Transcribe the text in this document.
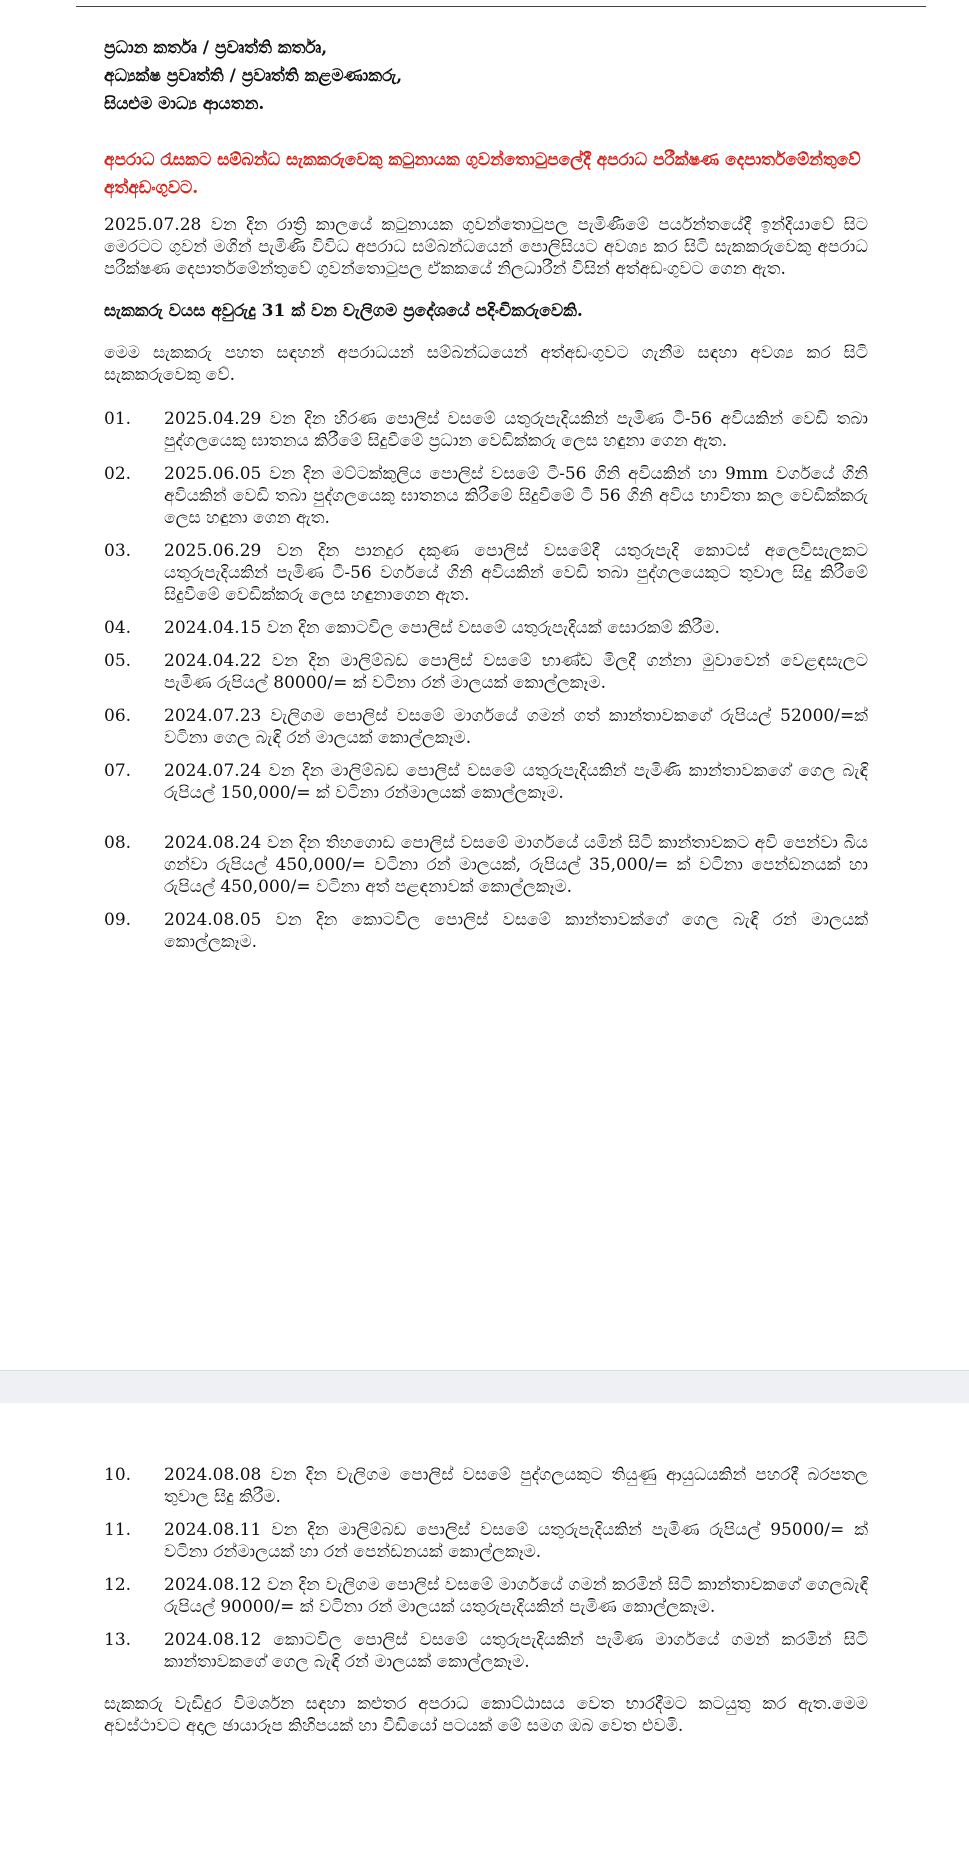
ප්‍රධාන කර්තෘ / ප්‍රවෘත්ති කර්තෘ,

අධ්‍යක්ෂ ප්‍රවෘත්ති / ප්‍රවෘත්ති කළමණාකරු,

සියළුම මාධ්‍ය ආයතන.

අපරාධ රැසකට සම්බන්ධ සැකකරුවෙකු කටුනායක ගුවන්තොටුපලේදී අපරාධ පරීක්ෂණ දෙපාර්තමේන්තුවේ අත්අඩංගුවට.

2025.07.28 වන දින රාත්‍රි කාලයේ කටුනායක ගුවන්තොටුපල පැමිණීමේ පර්යන්තයේදී ඉන්දියාවේ සිට මෙරටට ගුවන් මගින් පැමිණි විවිධ අපරාධ සම්බන්ධයෙන් පොලිසියට අවශ්‍ය කර සිටි සැකකරුවෙකු අපරාධ පරීක්ෂණ දෙපාර්තමේන්තුවේ ගුවන්තොටුපල ඒකකයේ නිලධාරීන් විසින් අත්අඩංගුවට ගෙන ඇත.

සැකකරු වයස අවුරුදු 31 ක් වන වැලිගම ප්‍රදේශයේ පදිංචිකරුවෙකි.

මෙම සැකකරු පහත සඳහන් අපරාධයන් සම්බන්ධයෙන් අත්අඩංගුවට ගැනීම සඳහා අවශ්‍ය කර සිටි සැකකරුවෙකු වේ.

01.	2025.04.29 වන දින හිරණ පොලිස් වසමේ යතුරුපැදියකින් පැමිණ ටී-56 අවියකින් වෙඩි තබා පුද්ගලයෙකු ඝාතනය කිරීමේ සිදුවීමේ ප්‍රධාන වෙඩික්කරු ලෙස හඳුනා ගෙන ඇත.
02.	2025.06.05 වන දින මට්ටක්කුලිය පොලිස් වසමේ ටී-56 ගිනි අවියකින් හා 9mm වර්ගයේ ගිනි අවියකින් වෙඩි තබා පුද්ගලයෙකු ඝාතනය කිරීමේ සිදුවීමේ ටී 56 ගිනි අවිය භාවිතා කල වෙඩික්කරු ලෙස හඳුනා ගෙන ඇත.
03.	2025.06.29 වන දින පානදුර දකුණ පොලිස් වසමේදී යතුරුපැදි කොටස් අලෙවිසැලකට යතුරුපැදියකින් පැමිණ ටී-56 වර්ගයේ ගිනි අවියකින් වෙඩි තබා පුද්ගලයෙකුට තුවාල සිදු කිරීමේ සිදුවීමේ වෙඩික්කරු ලෙස හඳුනාගෙන ඇත.
04.	2024.04.15 වන දින කොටවිල පොලිස් වසමේ යතුරුපැදියක් සොරකම් කිරීම.
05.	2024.04.22 වන දින මාලිම්බඩ පොලිස් වසමේ භාණ්ඩ මිලදී ගන්නා මුවාවෙන් වෙළඳසැලට පැමිණ රුපියල් 80000/= ක් වටිනා රන් මාලයක් කොල්ලකෑම.
06.	2024.07.23 වැලිගම පොලිස් වසමේ මාර්ගයේ ගමන් ගත් කාන්තාවකගේ රුපියල් 52000/=ක් වටිනා ගෙල බැඳි රන් මාලයක් කොල්ලකෑම.
07.	2024.07.24 වන දින මාලිම්බඩ පොලිස් වසමේ යතුරුපැදියකින් පැමිණි කාන්තාවකගේ ගෙල බැඳි රුපියල් 150,000/= ක් වටිනා රන්මාලයක් කොල්ලකෑම.
08.	2024.08.24 වන දින තිහගොඩ පොලිස් වසමේ මාර්ගයේ යමින් සිටි කාන්තාවකට අවි පෙන්වා බිය ගන්වා රුපියල් 450,000/= වටිනා රන් මාලයක්, රුපියල් 35,000/= ක් වටිනා පෙන්ඩනයක් හා රුපියල් 450,000/= වටිනා අත් පළඳනාවක් කොල්ලකෑම.
09.	2024.08.05 වන දින කොටවිල පොලිස් වසමේ කාන්තාවක්ගේ ගෙල බැඳි රන් මාලයක් කොල්ලකෑම.
10.	2024.08.08 වන දින වැලිගම පොලිස් වසමේ පුද්ගලයකුට තියුණු ආයුධයකින් පහරදී බරපතල තුවාල සිදු කිරීම.
11.	2024.08.11 වන දින මාලිම්බඩ පොලිස් වසමේ යතුරුපැදියකින් පැමිණ රුපියල් 95000/= ක් වටිනා රන්මාලයක් හා රන් පෙන්ඩනයක් කොල්ලකෑම.
12.	2024.08.12 වන දින වැලිගම පොලිස් වසමේ මාර්ගයේ ගමන් කරමින් සිටි කාන්තාවකගේ ගෙලබැඳි රුපියල් 90000/= ක් වටිනා රන් මාලයක් යතුරුපැදියකින් පැමිණ කොල්ලකෑම.
13.	2024.08.12 කොටවිල පොලිස් වසමේ යතුරුපැදියකින් පැමිණ මාර්ගයේ ගමන් කරමින් සිටි කාන්තාවකගේ ගෙල බැඳි රන් මාලයක් කොල්ලකෑම.

සැකකරු වැඩිදුර විමර්ශන සඳහා කළුතර අපරාධ කොට්ඨාසය වෙත භාරදීමට කටයුතු කර ඇත.මෙම අවස්ථාවට අදාල ඡායාරූප කිහිපයක් හා වීඩියෝ පටයක් මේ සමග ඔබ වෙත එවමි.
